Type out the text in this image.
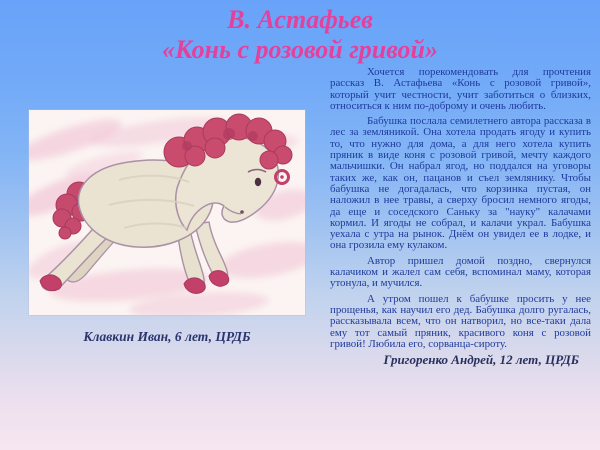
В. Астафьев
«Конь с розовой гривой»
Клавкин Иван, 6 лет, ЦРДБ

Хочется порекомендовать для прочтения рассказ В. Астафьева «Конь с розовой гривой», который учит честности, учит заботиться о близких, относиться к ним по-доброму и очень любить.

Бабушка послала семилетнего автора рассказа в лес за земляникой. Она хотела продать ягоду и купить то, что нужно для дома, а для него хотела купить пряник в виде коня с розовой гривой, мечту каждого мальчишки. Он набрал ягод, но поддался на уговоры таких же, как он, пацанов и съел землянику. Чтобы бабушка не догадалась, что корзинка пустая, он наложил в нее травы, а сверху бросил немного ягоды, да еще и соседского Саньку за "науку" калачами кормил. И ягоды не собрал, и калачи украл. Бабушка уехала с утра на рынок. Днём он увидел ее в лодке, и она грозила ему кулаком.

Автор пришел домой поздно, свернулся калачиком и жалел сам себя, вспоминал маму, которая утонула, и мучился.

А утром пошел к бабушке просить у нее прощенья, как научил его дед. Бабушка долго ругалась, рассказывала всем, что он натворил, но все-таки дала ему тот самый пряник, красивого коня с розовой гривой! Любила его, сорванца-сироту.

Григоренко Андрей, 12 лет, ЦРДБ
